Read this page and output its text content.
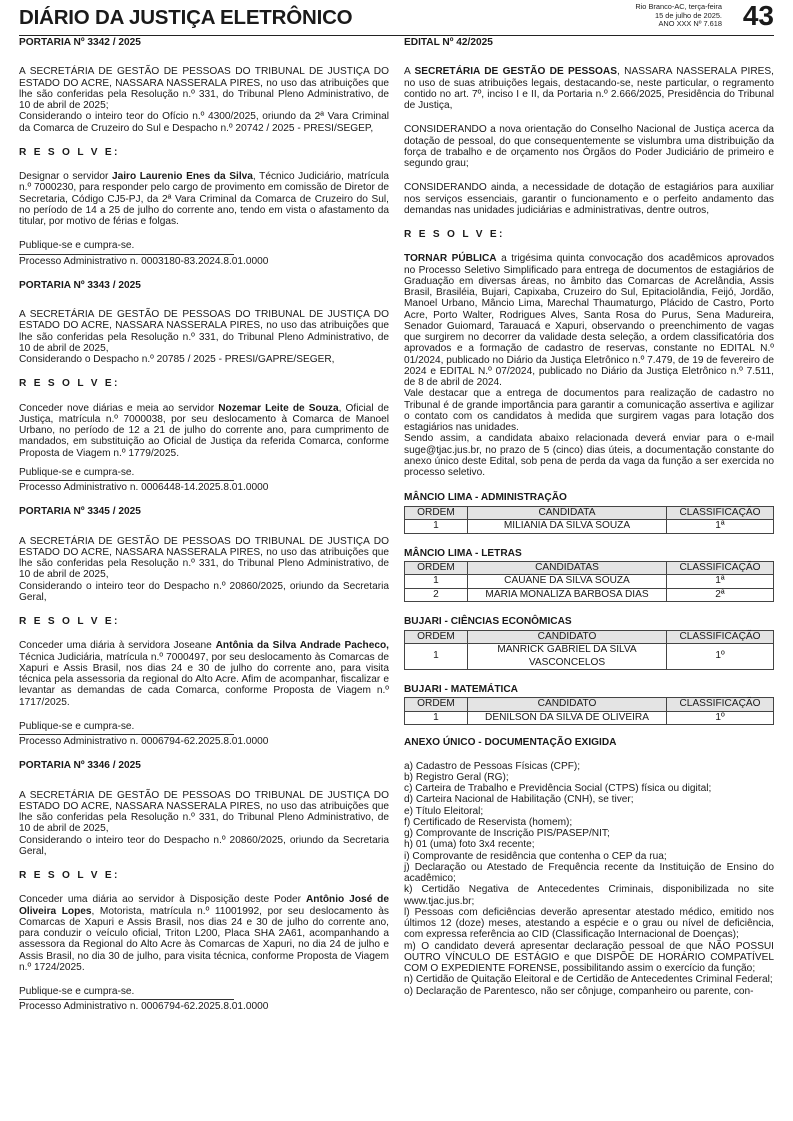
DIÁRIO DA JUSTIÇA ELETRÔNICO	Rio Branco-AC, terça-feira
15 de julho de 2025.
ANO XXX Nº 7.618 43

PORTARIA Nº 3342 / 2025

A SECRETÁRIA DE GESTÃO DE PESSOAS DO TRIBUNAL DE JUSTIÇA DO ESTADO DO ACRE, NASSARA NASSERALA PIRES, no uso das atribuições que lhe são conferidas pela Resolução n.º 331, do Tribunal Pleno Administrativo, de 10 de abril de 2025;

Considerando o inteiro teor do Ofício n.º 4300/2025, oriundo da 2ª Vara Criminal da Comarca de Cruzeiro do Sul e Despacho n.º 20742 / 2025 - PRESI/SEGEP,

R E S O L V E:

Designar o servidor Jairo Laurenio Enes da Silva, Técnico Judiciário, matrícula n.º 7000230, para responder pelo cargo de provimento em comissão de Diretor de Secretaria, Código CJ5-PJ, da 2ª Vara Criminal da Comarca de Cruzeiro do Sul, no período de 14 a 25 de julho do corrente ano, tendo em vista o afastamento da titular, por motivo de férias e folgas.

Publique-se e cumpra-se.

Processo Administrativo n. 0003180-83.2024.8.01.0000

PORTARIA Nº 3343 / 2025

A SECRETÁRIA DE GESTÃO DE PESSOAS DO TRIBUNAL DE JUSTIÇA DO ESTADO DO ACRE, NASSARA NASSERALA PIRES, no uso das atribuições que lhe são conferidas pela Resolução n.º 331, do Tribunal Pleno Administrativo, de 10 de abril de 2025,

Considerando o Despacho n.º 20785 / 2025 - PRESI/GAPRE/SEGER,

R E S O L V E:

Conceder nove diárias e meia ao servidor Nozemar Leite de Souza, Oficial de Justiça, matrícula n.º 7000038, por seu deslocamento à Comarca de Manoel Urbano, no período de 12 a 21 de julho do corrente ano, para cumprimento de mandados, em substituição ao Oficial de Justiça da referida Comarca, conforme Proposta de Viagem n.º 1779/2025.

Publique-se e cumpra-se.

Processo Administrativo n. 0006448-14.2025.8.01.0000

PORTARIA Nº 3345 / 2025

A SECRETÁRIA DE GESTÃO DE PESSOAS DO TRIBUNAL DE JUSTIÇA DO ESTADO DO ACRE, NASSARA NASSERALA PIRES, no uso das atribuições que lhe são conferidas pela Resolução n.º 331, do Tribunal Pleno Administrativo, de 10 de abril de 2025,

Considerando o inteiro teor do Despacho n.º 20860/2025, oriundo da Secretaria Geral,

R E S O L V E:

Conceder uma diária à servidora Joseane Antônia da Silva Andrade Pacheco, Técnica Judiciária, matrícula n.º 7000497, por seu deslocamento às Comarcas de Xapuri e Assis Brasil, nos dias 24 e 30 de julho do corrente ano, para visita técnica pela assessoria da regional do Alto Acre. Afim de acompanhar, fiscalizar e levantar as demandas de cada Comarca, conforme Proposta de Viagem n.º 1717/2025.

Publique-se e cumpra-se.

Processo Administrativo n. 0006794-62.2025.8.01.0000

PORTARIA Nº 3346 / 2025

A SECRETÁRIA DE GESTÃO DE PESSOAS DO TRIBUNAL DE JUSTIÇA DO ESTADO DO ACRE, NASSARA NASSERALA PIRES, no uso das atribuições que lhe são conferidas pela Resolução n.º 331, do Tribunal Pleno Administrativo, de 10 de abril de 2025,

Considerando o inteiro teor do Despacho n.º 20860/2025, oriundo da Secretaria Geral,

R E S O L V E:

Conceder uma diária ao servidor à Disposição deste Poder Antônio José de Oliveira Lopes, Motorista, matrícula n.º 11001992, por seu deslocamento às Comarcas de Xapuri e Assis Brasil, nos dias 24 e 30 de julho do corrente ano, para conduzir o veículo oficial, Triton L200, Placa SHA 2A61, acompanhando a assessora da Regional do Alto Acre às Comarcas de Xapuri, no dia 24 de julho e Assis Brasil, no dia 30 de julho, para visita técnica, conforme Proposta de Viagem n.º 1724/2025.

Publique-se e cumpra-se.

Processo Administrativo n. 0006794-62.2025.8.01.0000

EDITAL Nº 42/2025

A SECRETÁRIA DE GESTÃO DE PESSOAS, NASSARA NASSERALA PIRES, no uso de suas atribuições legais, destacando-se, neste particular, o regramento contido no art. 7º, inciso I e II, da Portaria n.º 2.666/2025, Presidência do Tribunal de Justiça,

CONSIDERANDO a nova orientação do Conselho Nacional de Justiça acerca da dotação de pessoal, do que consequentemente se vislumbra uma distribuição da força de trabalho e de orçamento nos Órgãos do Poder Judiciário de primeiro e segundo grau;

CONSIDERANDO ainda, a necessidade de dotação de estagiários para auxiliar nos serviços essenciais, garantir o funcionamento e o perfeito andamento das demandas nas unidades judiciárias e administrativas, dentre outros,

R E S O L V E:

TORNAR PÚBLICA a trigésima quinta convocação dos acadêmicos aprovados no Processo Seletivo Simplificado para entrega de documentos de estagiários de Graduação em diversas áreas, no âmbito das Comarcas de Acrelândia, Assis Brasil, Brasiléia, Bujari, Capixaba, Cruzeiro do Sul, Epitaciolândia, Feijó, Jordão, Manoel Urbano, Mâncio Lima, Marechal Thaumaturgo, Plácido de Castro, Porto Acre, Porto Walter, Rodrigues Alves, Santa Rosa do Purus, Sena Madureira, Senador Guiomard, Tarauacá e Xapuri, observando o preenchimento de vagas que surgirem no decorrer da validade desta seleção, a ordem classificatória dos aprovados e a formação de cadastro de reservas, constante no EDITAL N.º 01/2024, publicado no Diário da Justiça Eletrônico n.º 7.479, de 19 de fevereiro de 2024 e EDITAL N.º 07/2024, publicado no Diário da Justiça Eletrônico n.º 7.511, de 8 de abril de 2024.

Vale destacar que a entrega de documentos para realização de cadastro no Tribunal é de grande importância para garantir a comunicação assertiva e agilizar o contato com os candidatos à medida que surgirem vagas para lotação dos estagiários nas unidades.

Sendo assim, a candidata abaixo relacionada deverá enviar para o e-mail suge@tjac.jus.br, no prazo de 5 (cinco) dias úteis, a documentação constante do anexo único deste Edital, sob pena de perda da vaga da função a ser exercida no processo seletivo.

MÂNCIO LIMA - ADMINISTRAÇÃO

ORDEM	CANDIDATA	CLASSIFICAÇÃO
1	MILIANIA DA SILVA SOUZA	1ª

MÂNCIO LIMA - LETRAS

ORDEM	CANDIDATAS	CLASSIFICAÇÃO
1	CAUANE DA SILVA SOUZA	1ª
2	MARIA MONALIZA BARBOSA DIAS	2ª

BUJARI - CIÊNCIAS ECONÔMICAS

ORDEM	CANDIDATO	CLASSIFICAÇÃO
1	MANRICK GABRIEL DA SILVA VASCONCELOS	1º

BUJARI - MATEMÁTICA

ORDEM	CANDIDATO	CLASSIFICAÇÃO
1	DENILSON DA SILVA DE OLIVEIRA	1º

ANEXO ÚNICO - DOCUMENTAÇÃO EXIGIDA

a) Cadastro de Pessoas Físicas (CPF);
b) Registro Geral (RG);
c) Carteira de Trabalho e Previdência Social (CTPS) física ou digital;
d) Carteira Nacional de Habilitação (CNH), se tiver;
e) Título Eleitoral;
f) Certificado de Reservista (homem);
g) Comprovante de Inscrição PIS/PASEP/NIT;
h) 01 (uma) foto 3x4 recente;
i) Comprovante de residência que contenha o CEP da rua;
j) Declaração ou Atestado de Frequência recente da Instituição de Ensino do acadêmico;
k) Certidão Negativa de Antecedentes Criminais, disponibilizada no site www.tjac.jus.br;
l) Pessoas com deficiências deverão apresentar atestado médico, emitido nos últimos 12 (doze) meses, atestando a espécie e o grau ou nível de deficiência, com expressa referência ao CID (Classificação Internacional de Doenças);
m) O candidato deverá apresentar declaração pessoal de que NÃO POSSUI OUTRO VÍNCULO DE ESTÁGIO e que DISPÕE DE HORÁRIO COMPATÍVEL COM O EXPEDIENTE FORENSE, possibilitando assim o exercício da função;
n) Certidão de Quitação Eleitoral e de Certidão de Antecedentes Criminal Federal;
o) Declaração de Parentesco, não ser cônjuge, companheiro ou parente, con-
